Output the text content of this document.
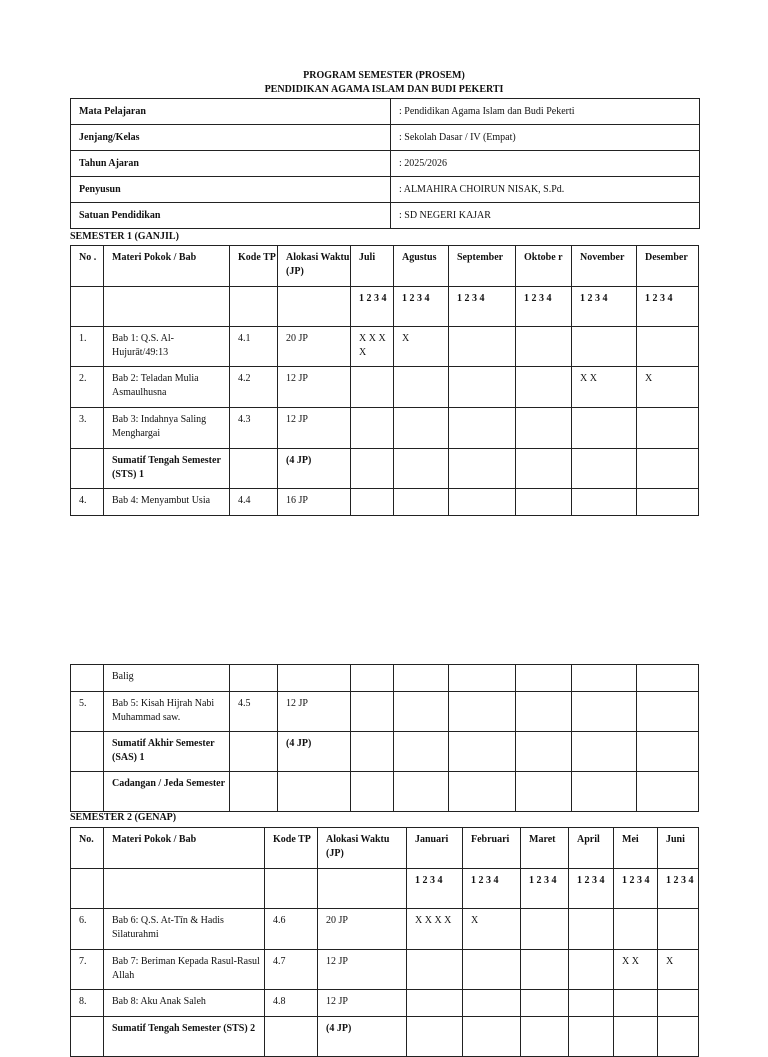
PROGRAM SEMESTER (PROSEM)
PENDIDIKAN AGAMA ISLAM DAN BUDI PEKERTI
Mata Pelajaran	: Pendidikan Agama Islam dan Budi Pekerti
Jenjang/Kelas	: Sekolah Dasar / IV (Empat)
Tahun Ajaran	: 2025/2026
Penyusun	: ALMAHIRA CHOIRUN NISAK, S.Pd.
Satuan Pendidikan	: SD NEGERI KAJAR
SEMESTER 1 (GANJIL)
No .	Materi Pokok / Bab	Kode TP	Alokasi Waktu (JP)	Juli	Agustus	September	Oktobe r	November	Desember
				1 2 3 4	1 2 3 4	1 2 3 4	1 2 3 4	1 2 3 4	1 2 3 4
1.	Bab 1: Q.S. Al-Hujurāt/49:13	4.1	20 JP	X X X X	X				
2.	Bab 2: Teladan Mulia Asmaulhusna	4.2	12 JP					X X	X
3.	Bab 3: Indahnya Saling Menghargai	4.3	12 JP						
	Sumatif Tengah Semester (STS) 1		(4 JP)						
4.	Bab 4: Menyambut Usia	4.4	16 JP						
	Balig								
5.	Bab 5: Kisah Hijrah Nabi Muhammad saw.	4.5	12 JP						
	Sumatif Akhir Semester (SAS) 1		(4 JP)						
	Cadangan / Jeda Semester								
SEMESTER 2 (GENAP)
No.	Materi Pokok / Bab	Kode TP	Alokasi Waktu (JP)	Januari	Februari	Maret	April	Mei	Juni
				1 2 3 4	1 2 3 4	1 2 3 4	1 2 3 4	1 2 3 4	1 2 3 4
6.	Bab 6: Q.S. At-Tīn & Hadis Silaturahmi	4.6	20 JP	X X X X	X				
7.	Bab 7: Beriman Kepada Rasul-Rasul Allah	4.7	12 JP					X X	X
8.	Bab 8: Aku Anak Saleh	4.8	12 JP						
	Sumatif Tengah Semester (STS) 2		(4 JP)						
